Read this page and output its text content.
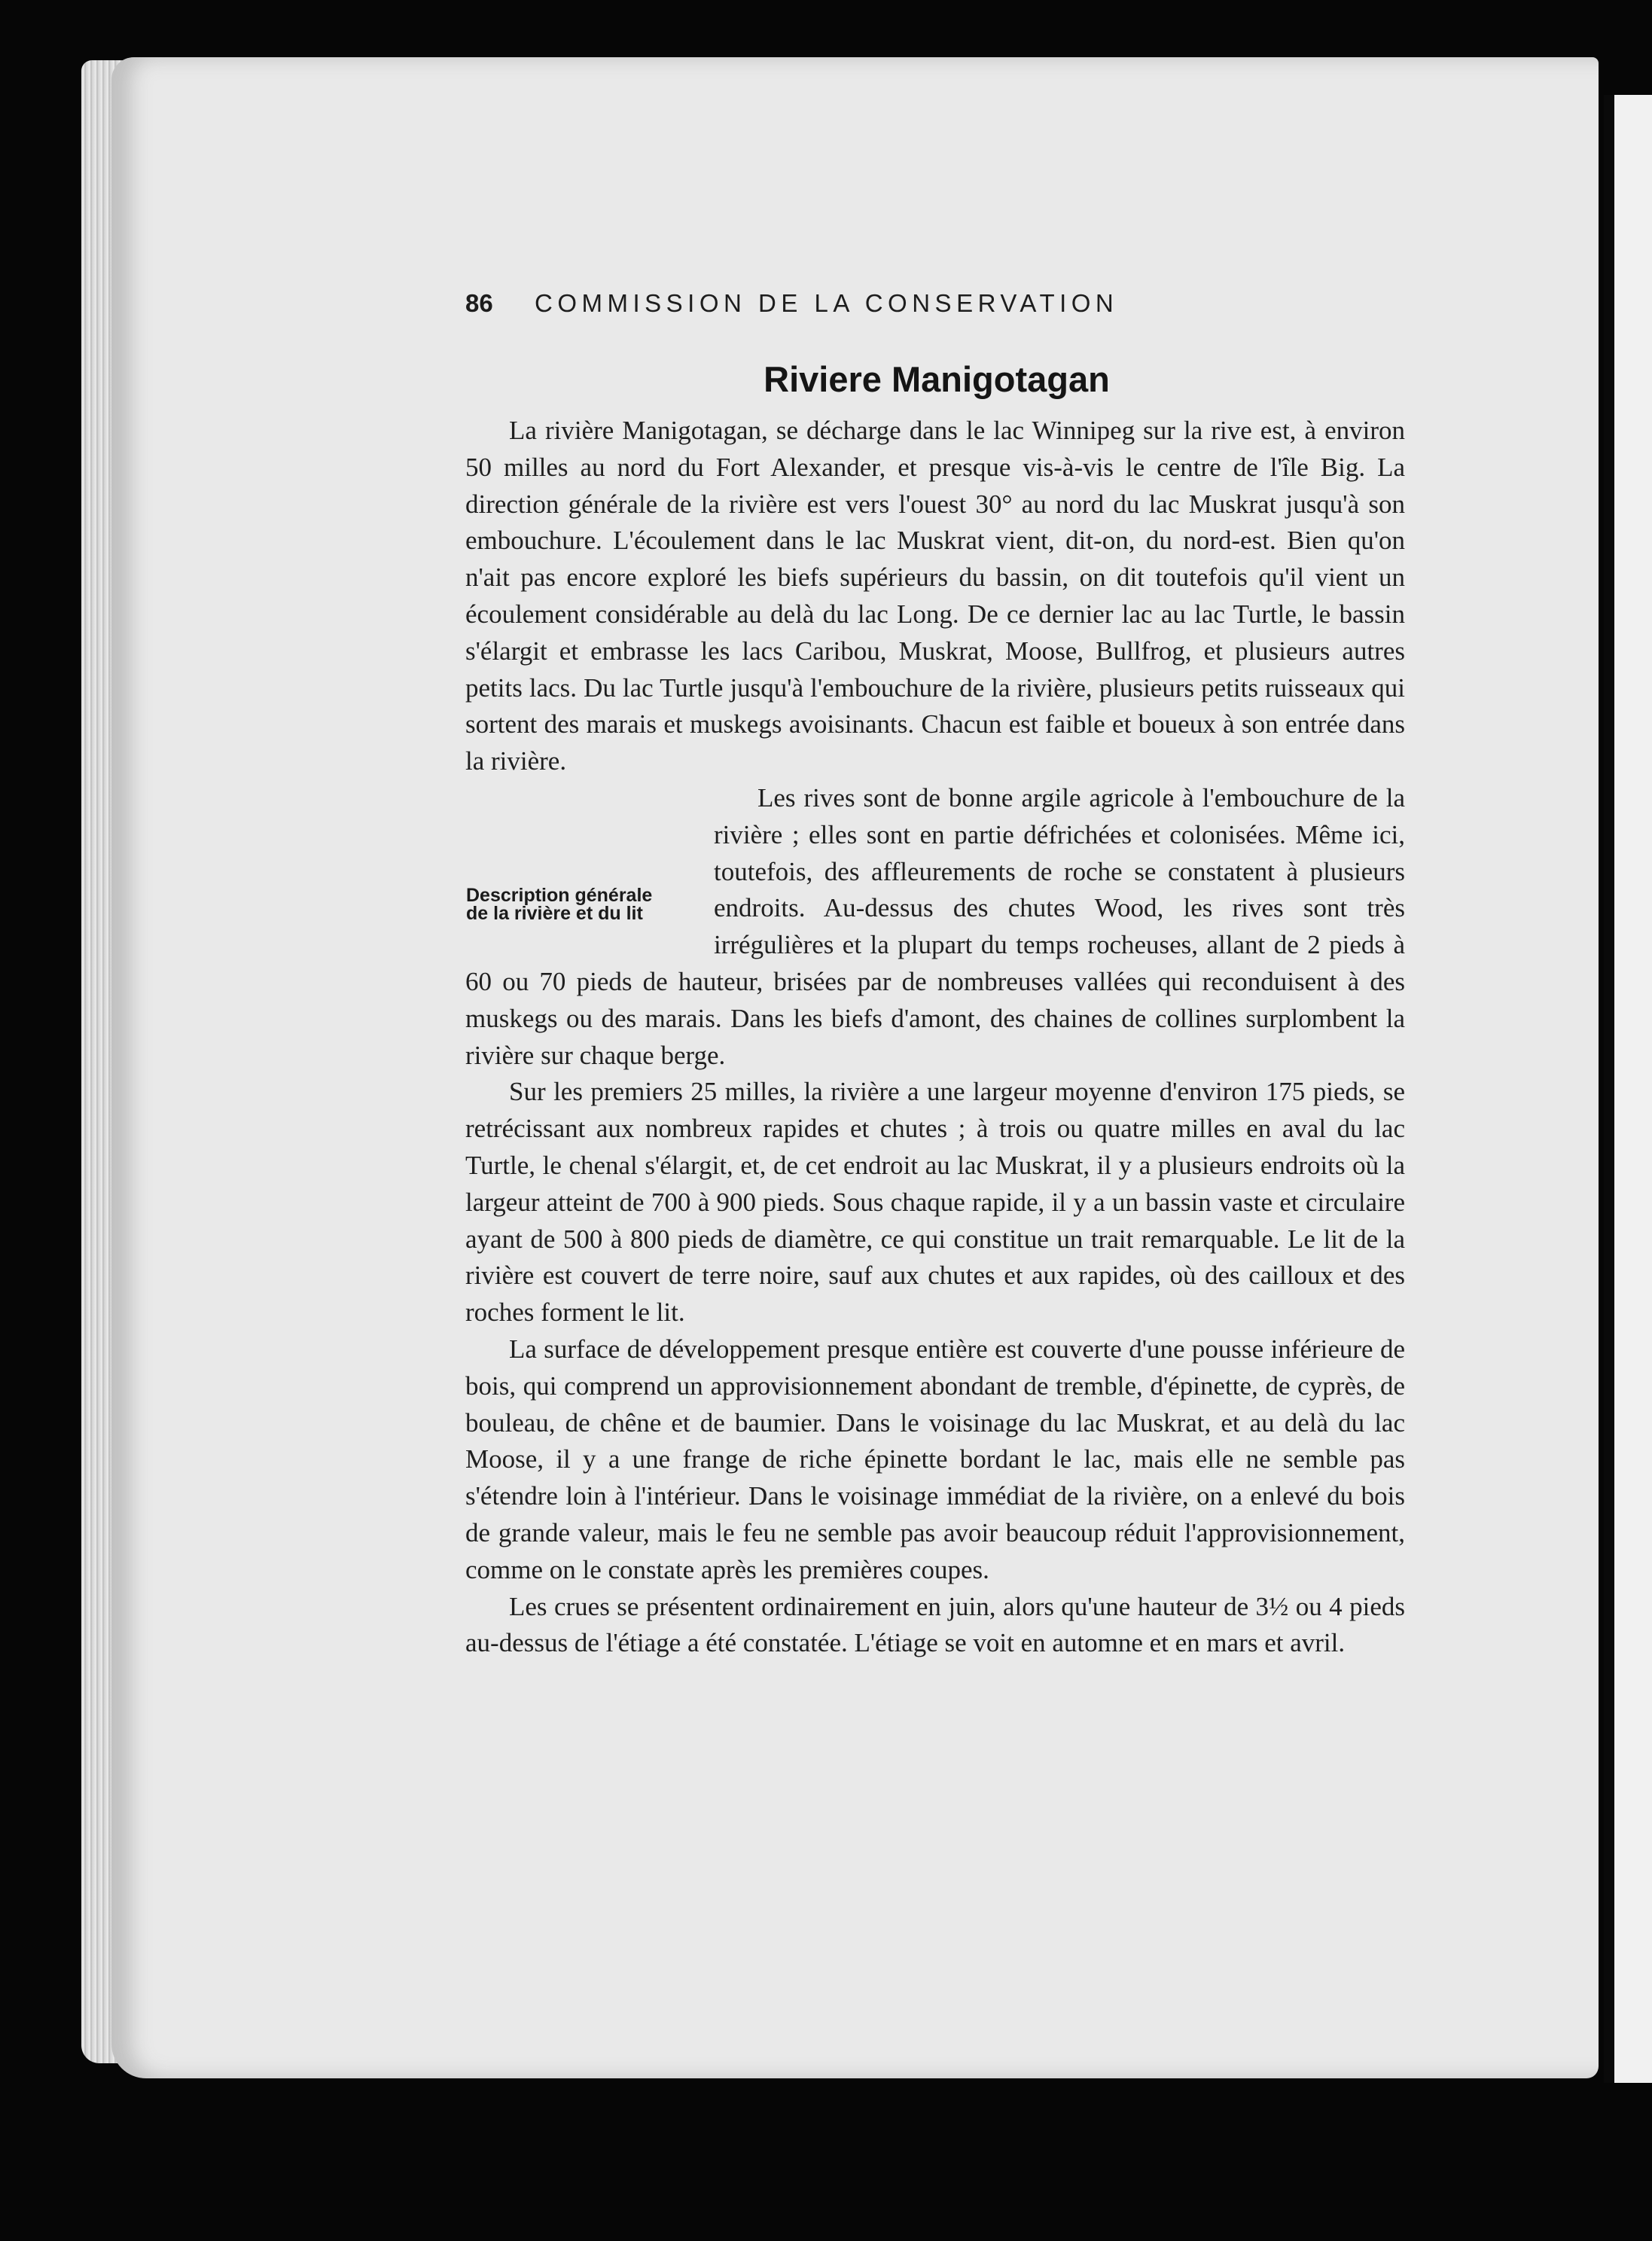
86 COMMISSION DE LA CONSERVATION
Riviere Manigotagan
Description générale de la rivière et du lit

La rivière Manigotagan, se décharge dans le lac Winnipeg sur la rive est, à environ 50 milles au nord du Fort Alexander, et presque vis-à-vis le centre de l'île Big. La direction générale de la rivière est vers l'ouest 30° au nord du lac Muskrat jusqu'à son embouchure. L'écoulement dans le lac Muskrat vient, dit-on, du nord-est. Bien qu'on n'ait pas encore exploré les biefs supérieurs du bassin, on dit toutefois qu'il vient un écoulement considérable au delà du lac Long. De ce dernier lac au lac Turtle, le bassin s'élargit et embrasse les lacs Caribou, Muskrat, Moose, Bullfrog, et plusieurs autres petits lacs. Du lac Turtle jusqu'à l'embouchure de la rivière, plusieurs petits ruisseaux qui sortent des marais et muskegs avoisinants. Chacun est faible et boueux à son entrée dans la rivière.

Les rives sont de bonne argile agricole à l'embouchure de la rivière ; elles sont en partie défrichées et colonisées. Même ici, toutefois, des affleurements de roche se constatent à plusieurs endroits. Au-dessus des chutes Wood, les rives sont très irrégulières et la plupart du temps rocheuses, allant de 2 pieds à 60 ou 70 pieds de hauteur, brisées par de nombreuses vallées qui reconduisent à des muskegs ou des marais. Dans les biefs d'amont, des chaines de collines surplombent la rivière sur chaque berge.

Sur les premiers 25 milles, la rivière a une largeur moyenne d'environ 175 pieds, se retrécissant aux nombreux rapides et chutes ; à trois ou quatre milles en aval du lac Turtle, le chenal s'élargit, et, de cet endroit au lac Muskrat, il y a plusieurs endroits où la largeur atteint de 700 à 900 pieds. Sous chaque rapide, il y a un bassin vaste et circulaire ayant de 500 à 800 pieds de diamètre, ce qui constitue un trait remarquable. Le lit de la rivière est couvert de terre noire, sauf aux chutes et aux rapides, où des cailloux et des roches forment le lit.

La surface de développement presque entière est couverte d'une pousse inférieure de bois, qui comprend un approvisionnement abondant de tremble, d'épinette, de cyprès, de bouleau, de chêne et de baumier. Dans le voisinage du lac Muskrat, et au delà du lac Moose, il y a une frange de riche épinette bordant le lac, mais elle ne semble pas s'étendre loin à l'intérieur. Dans le voisinage immédiat de la rivière, on a enlevé du bois de grande valeur, mais le feu ne semble pas avoir beaucoup réduit l'approvisionnement, comme on le constate après les premières coupes.

Les crues se présentent ordinairement en juin, alors qu'une hauteur de 3½ ou 4 pieds au-dessus de l'étiage a été constatée. L'étiage se voit en automne et en mars et avril.
